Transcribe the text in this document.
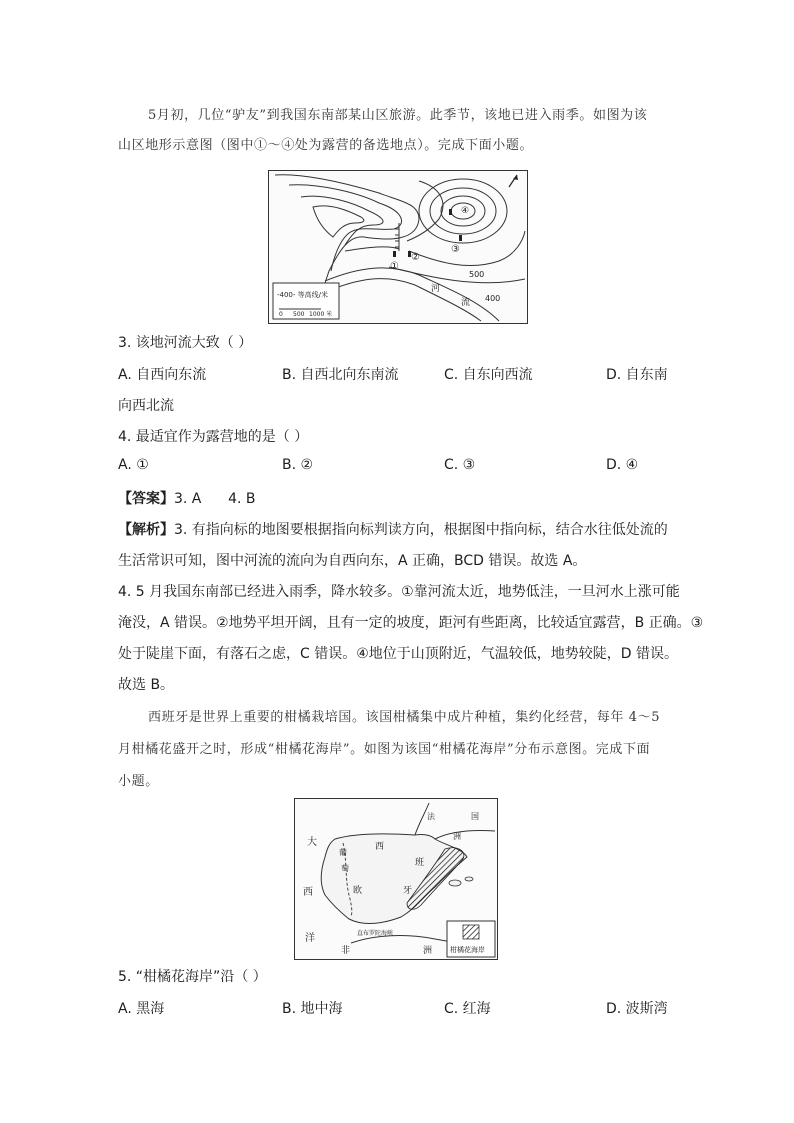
5月初，几位“驴友”到我国东南部某山区旅游。此季节，该地已进入雨季。如图为该
山区地形示意图（图中①～④处为露营的备选地点）。完成下面小题。
①
②
③
④
500
400
河
流
-400- 等高线/米
0 500 1000 米
3. 该地河流大致（ ）
A. 自西向东流	B. 自西北向东南流	C. 自东向西流	D. 自东南
向西北流
4. 最适宜作为露营地的是（ ）
A. ①	B. ②	C. ③	D. ④
【答案】3. A      4. B
【解析】3. 有指向标的地图要根据指向标判读方向，根据图中指向标，结合水往低处流的
生活常识可知，图中河流的流向为自西向东，A 正确，BCD 错误。故选 A。
4. 5 月我国东南部已经进入雨季，降水较多。①靠河流太近，地势低洼，一旦河水上涨可能
淹没，A 错误。②地势平坦开阔，且有一定的坡度，距河有些距离，比较适宜露营，B 正确。③
处于陡崖下面，有落石之虑，C 错误。④地位于山顶附近，气温较低，地势较陡，D 错误。
故选 B。
西班牙是世界上重要的柑橘栽培国。该国柑橘集中成片种植，集约化经营，每年 4～5
月柑橘花盛开之时，形成“柑橘花海岸”。如图为该国“柑橘花海岸”分布示意图。完成下面
小题。
法	国
洲
西
班
牙
欧
葡
萄
大
西
洋
非	洲
直布罗陀海峡
柑橘花海岸
5. “柑橘花海岸”沿（ ）
A. 黑海	B. 地中海	C. 红海	D. 波斯湾
